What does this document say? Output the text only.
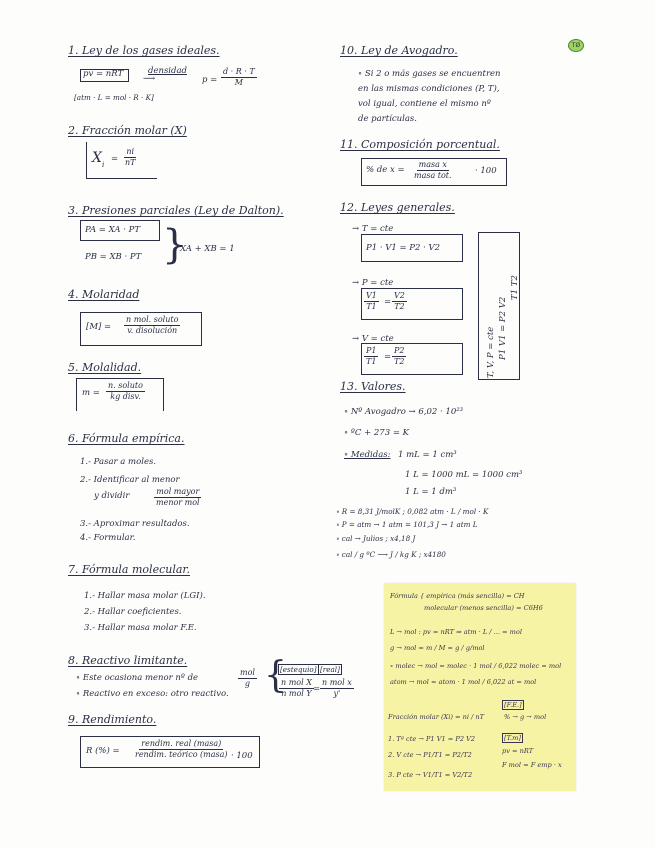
TØ
1. Ley de los gases ideales.
pv = nRT	densidad
⟶	$p = \frac{d \cdot R \cdot T}{M}$
[atm · L = mol · R · K]
2. Fracción molar (X)
X i
= $\frac{ni}{nT}$
3. Presiones parciales (Ley de Dalton).
PA = XA · PT
PB = XB · PT }
XA + XB = 1
4. Molaridad
[M] =
n mol. soluto
v. disolución
5. Molalidad.
m =
n. soluto
kg disv.
6. Fórmula empírica.
1.- Pasar a moles.
2.- Identificar al menor
y dividir	mol mayor
menor mol
3.- Aproximar resultados.
4.- Formular.
7. Fórmula molecular.
1.- Hallar masa molar (LGI).
2.- Hallar coeficientes.
3.- Hallar masa molar F.E.
8. Reactivo limitante.
∘ Este ocasiona menor nº de
mol
g
∘ Reactivo en exceso: otro reactivo. {
[estequio] [real]
n mol X
n mol Y =
n mol x
y'
9. Rendimiento.
R (%) =
rendim. real (masa)
rendim. teórico (masa) · 100
10. Ley de Avogadro.
∘ Si 2 o más gases se encuentren
en las mismas condiciones (P, T),
vol igual, contiene el mismo nº
de partículas.
11. Composición porcentual.
% de x =
masa x
masa tot.	· 100
12. Leyes generales.
→ T = cte
P1 · V1 = P2 · V2
→ P = cte
$\frac{V1}{T1} = \frac{V2}{T2}$
→ V = cte
$\frac{P1}{T1} = \frac{P2}{T2}$	T, V, P = cte P1 V1 = P2 V2
T1 T2
13. Valores.
∘ Nº Avogadro → 6,02 · 10²³
∘ ºC + 273 = K
∘ Medidas: 1 mL = 1 cm³
1 L = 1000 mL = 1000 cm³
1 L = 1 dm³
∘ R = 8,31 J/molK ; 0,082 atm · L / mol · K
∘ P = atm → 1 atm = 101,3 J → 1 atm L
∘ cal → Julios ; x4,18 J
∘ cal / g ºC ⟶ J / kg K ; x4180
Fórmula { empírica (más sencilla) = CH
molecular (menos sencilla) = C6H6
L → mol : pv = nRT ⇒ atm · L / ... = mol
g → mol = m / M = g / g/mol
∘ molec → mol = molec · 1 mol / 6,022 molec = mol
atom → mol = atom · 1 mol / 6,022 at = mol
[F.E.]
Fracción molar (Xi) = ni / nT	% → g → mol
[T.m]
1. Tª cte → P1 V1 = P2 V2
pv = nRT
2. V cte → P1/T1 = P2/T2
F mol = F emp · x
3. P cte → V1/T1 = V2/T2
